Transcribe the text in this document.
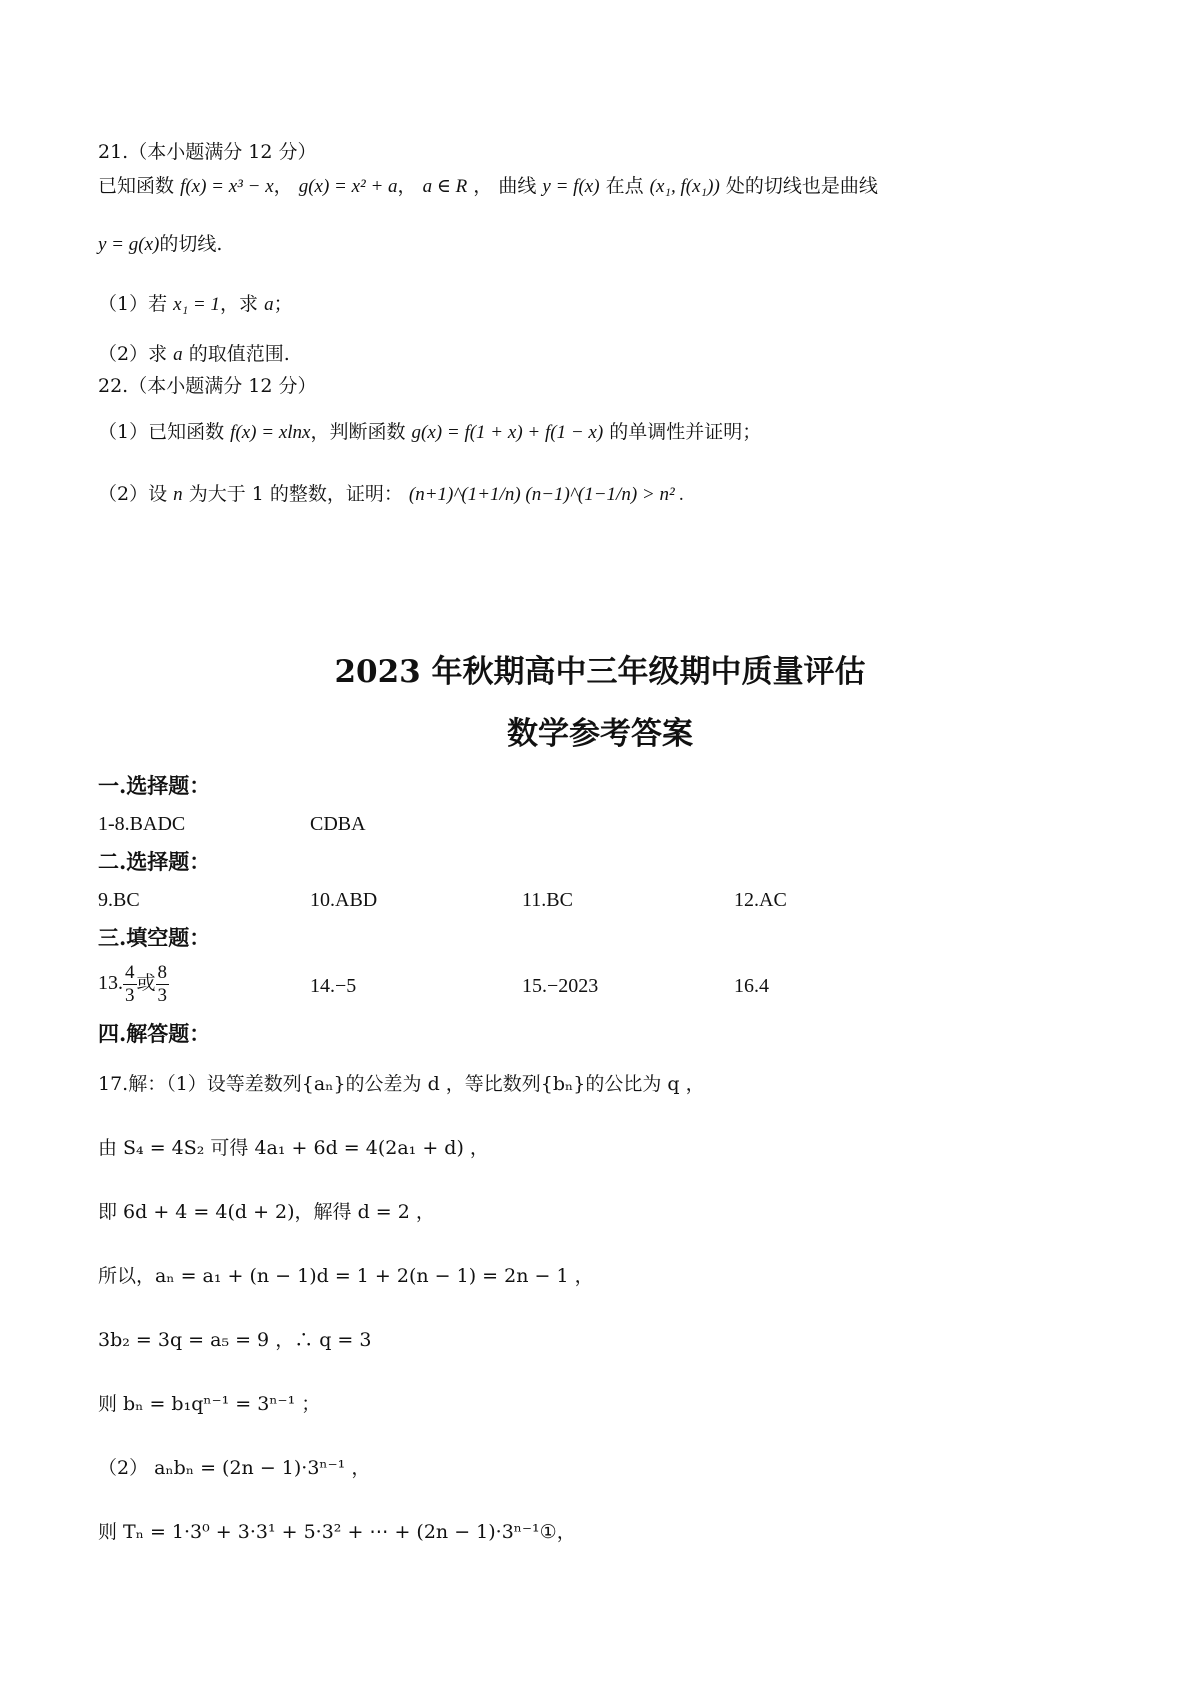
21.（本小题满分 12 分）
已知函数 f(x) = x³ − x， g(x) = x² + a， a ∈ R ， 曲线 y = f(x) 在点 (x₁, f(x₁)) 处的切线也是曲线
y = g(x)的切线.
（1）若 x₁ = 1，求 a；
（2）求 a 的取值范围.
22.（本小题满分 12 分）
（1）已知函数 f(x) = xlnx，判断函数 g(x) = f(1 + x) + f(1 − x) 的单调性并证明；
（2）设 n 为大于 1 的整数，证明： (n+1)^(1+1/n) (n−1)^(1−1/n) > n² .
2023 年秋期高中三年级期中质量评估
数学参考答案
一.选择题：
1-8.BADC	CDBA
二.选择题：
9.BC	10.ABD	11.BC	12.AC
三.填空题：
13. $\frac{4}{3}$ 或 $\frac{8}{3}$	14.−5	15.−2023	16.4
四.解答题：
17.解：（1）设等差数列{aₙ}的公差为 d ，等比数列{bₙ}的公比为 q ，
由 S₄ = 4S₂ 可得 4a₁ + 6d = 4(2a₁ + d) ，
即 6d + 4 = 4(d + 2)，解得 d = 2 ，
所以，aₙ = a₁ + (n − 1)d = 1 + 2(n − 1) = 2n − 1 ，
3b₂ = 3q = a₅ = 9 ，∴ q = 3
则 bₙ = b₁qⁿ⁻¹ = 3ⁿ⁻¹ ；
（2） aₙbₙ = (2n − 1)·3ⁿ⁻¹ ，
则 Tₙ = 1·3⁰ + 3·3¹ + 5·3² + ⋯ + (2n − 1)·3ⁿ⁻¹①，
